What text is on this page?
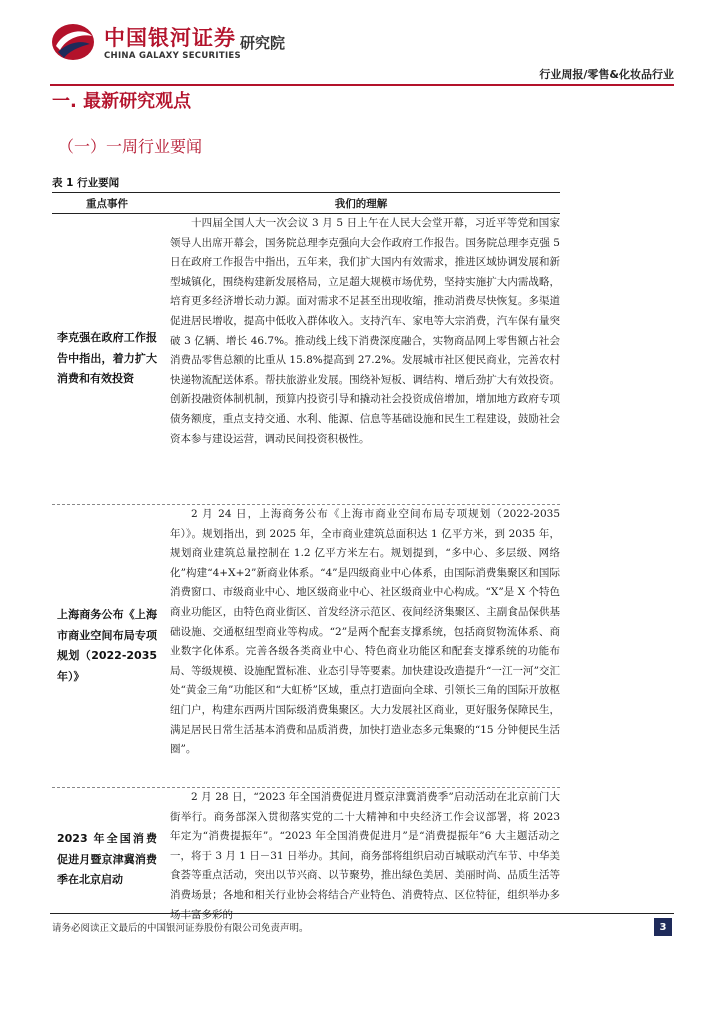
中国银河证券 研究院
CHINA GALAXY SECURITIES
行业周报/零售&化妆品行业
一. 最新研究观点
（一）一周行业要闻
表 1 行业要闻
重点事件	我们的理解
李克强在政府工作报告中指出，着力扩大消费和有效投资
十四届全国人大一次会议 3 月 5 日上午在人民大会堂开幕，习近平等党和国家领导人出席开幕会，国务院总理李克强向大会作政府工作报告。国务院总理李克强 5 日在政府工作报告中指出，五年来，我们扩大国内有效需求，推进区域协调发展和新型城镇化，围绕构建新发展格局，立足超大规模市场优势，坚持实施扩大内需战略，培育更多经济增长动力源。面对需求不足甚至出现收缩，推动消费尽快恢复。多渠道促进居民增收，提高中低收入群体收入。支持汽车、家电等大宗消费，汽车保有量突破 3 亿辆、增长 46.7%。推动线上线下消费深度融合，实物商品网上零售额占社会消费品零售总额的比重从 15.8%提高到 27.2%。发展城市社区便民商业，完善农村快递物流配送体系。帮扶旅游业发展。围绕补短板、调结构、增后劲扩大有效投资。创新投融资体制机制，预算内投资引导和撬动社会投资成倍增加，增加地方政府专项债务额度，重点支持交通、水利、能源、信息等基础设施和民生工程建设，鼓励社会资本参与建设运营，调动民间投资积极性。
上海商务公布《上海市商业空间布局专项规划（2022-2035年）》
2 月 24 日，上海商务公布《上海市商业空间布局专项规划（2022-2035 年）》。规划指出，到 2025 年，全市商业建筑总面积达 1 亿平方米，到 2035 年，规划商业建筑总量控制在 1.2 亿平方米左右。规划提到，“多中心、多层级、网络化”构建“4+X+2”新商业体系。“4”是四级商业中心体系，由国际消费集聚区和国际消费窗口、市级商业中心、地区级商业中心、社区级商业中心构成。“X”是 X 个特色商业功能区，由特色商业街区、首发经济示范区、夜间经济集聚区、主副食品保供基础设施、交通枢纽型商业等构成。“2”是两个配套支撑系统，包括商贸物流体系、商业数字化体系。完善各级各类商业中心、特色商业功能区和配套支撑系统的功能布局、等级规模、设施配置标准、业态引导等要素。加快建设改造提升“一江一河”交汇处“黄金三角”功能区和“大虹桥”区域，重点打造面向全球、引领长三角的国际开放枢纽门户，构建东西两片国际级消费集聚区。大力发展社区商业，更好服务保障民生，满足居民日常生活基本消费和品质消费，加快打造业态多元集聚的“15 分钟便民生活圈”。
2023 年全国消费促进月暨京津冀消费季在北京启动
2 月 28 日，“2023 年全国消费促进月暨京津冀消费季”启动活动在北京前门大街举行。商务部深入贯彻落实党的二十大精神和中央经济工作会议部署，将 2023 年定为“消费提振年”。“2023 年全国消费促进月”是“消费提振年”6 大主题活动之一，将于 3 月 1 日－31 日举办。其间，商务部将组织启动百城联动汽车节、中华美食荟等重点活动，突出以节兴商、以节聚势，推出绿色美居、美丽时尚、品质生活等消费场景；各地和相关行业协会将结合产业特色、消费特点、区位特征，组织举办多场丰富多彩的
请务必阅读正文最后的中国银河证券股份有限公司免责声明。	3
